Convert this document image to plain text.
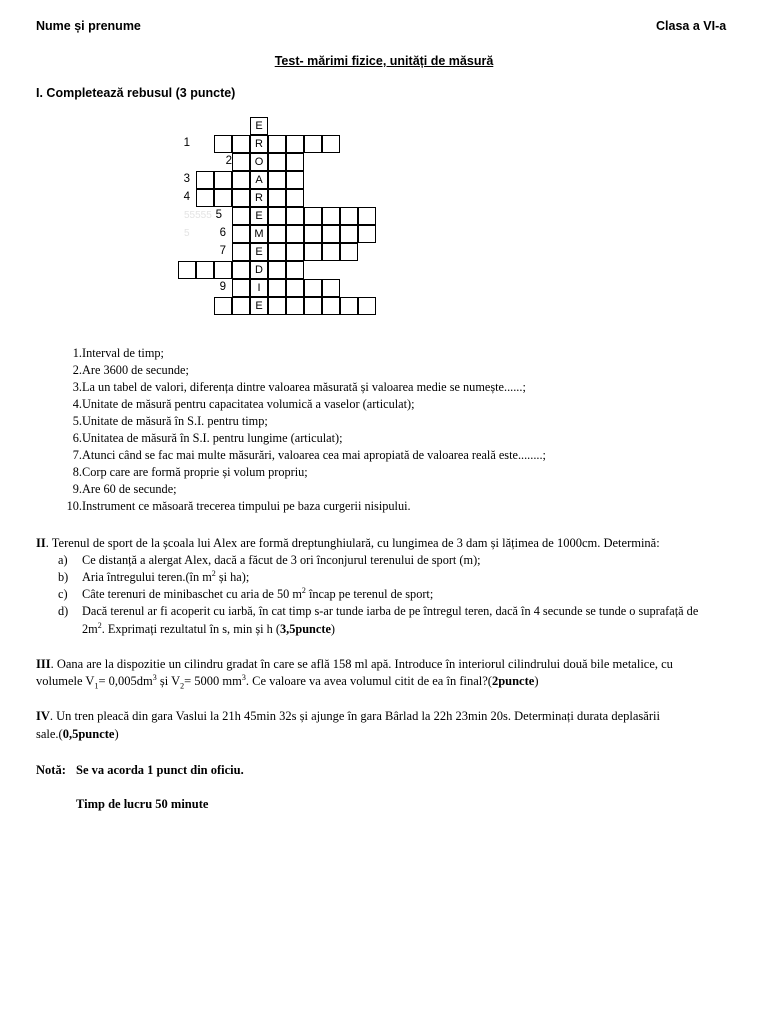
Nume și prenume	Clasa a VI-a
Test- mărimi fizice, unități de măsură
I. Completează rebusul (3 puncte)
E
1	R
2	O
3	A
4	R
55555 5	E
5	6	M
7	E
D
9	I
E
1. Interval de timp;
2. Are 3600 de secunde;
3. La un tabel de valori, diferența dintre valoarea măsurată și valoarea medie se numește......;
4. Unitate de măsură pentru capacitatea volumică a vaselor (articulat);
5. Unitate de măsură în S.I. pentru timp;
6. Unitatea de măsură în S.I. pentru lungime (articulat);
7. Atunci când se fac mai multe măsurări, valoarea cea mai apropiată de valoarea reală este........;
8. Corp care are formă proprie și volum propriu;
9. Are 60 de secunde;
10. Instrument ce măsoară trecerea timpului pe baza curgerii nisipului.
II. Terenul de sport de la școala lui Alex are formă dreptunghiulară, cu lungimea de 3 dam și lățimea de 1000cm. Determină:
a) Ce distanță a alergat Alex, dacă a făcut de 3 ori înconjurul terenului de sport (m);
b) Aria întregului teren.(în $m^2$ și ha);
c) Câte terenuri de minibaschet cu aria de 50 $m^2$ încap pe terenul de sport;
d) Dacă terenul ar fi acoperit cu iarbă, în cat timp s-ar tunde iarba de pe întregul teren, dacă în 4 secunde se tunde o suprafață de
$2m^2$. Exprimați rezultatul în s, min și h (3,5puncte)
III. Oana are la dispozitie un cilindru gradat în care se află 158 ml apă. Introduce în interiorul cilindrului două bile metalice, cu
volumele $V_1= 0,005dm^3$ și $V_2= 5000$ $mm^3$. Ce valoare va avea volumul citit de ea în final?(2puncte)
IV. Un tren pleacă din gara Vaslui la 21h 45min 32s și ajunge în gara Bârlad la 22h 23min 20s. Determinați durata deplasării
sale.(0,5puncte)
Notă: Se va acorda 1 punct din oficiu.
Timp de lucru 50 minute
